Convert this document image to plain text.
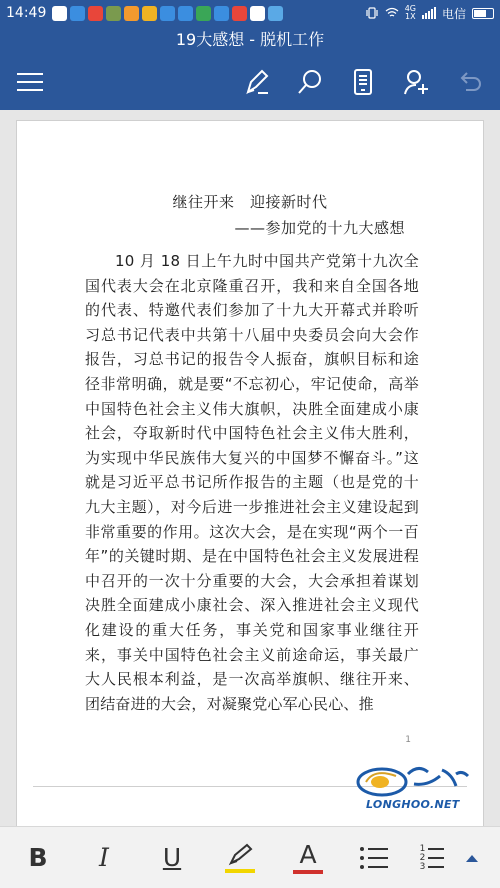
14:49	4G
1X 电信
19大感想 - 脱机工作
继往开来　迎接新时代
——参加党的十九大感想
10 月 18 日上午九时中国共产党第十九次全国代表大会在北京隆重召开，我和来自全国各地的代表、特邀代表们参加了十九大开幕式并聆听习总书记代表中共第十八届中央委员会向大会作报告，习总书记的报告令人振奋，旗帜目标和途径非常明确，就是要“不忘初心，牢记使命，高举中国特色社会主义伟大旗帜，决胜全面建成小康社会，夺取新时代中国特色社会主义伟大胜利，为实现中华民族伟大复兴的中国梦不懈奋斗。”这就是习近平总书记所作报告的主题（也是党的十九大主题），对今后进一步推进社会主义建设起到非常重要的作用。这次大会，是在实现“两个一百年”的关键时期、是在中国特色社会主义发展进程中召开的一次十分重要的大会，大会承担着谋划决胜全面建成小康社会、深入推进社会主义现代化建设的重大任务，事关党和国家事业继往开来，事关中国特色社会主义前途命运，事关最广大人民根本利益，是一次高举旗帜、继往开来、团结奋进的大会，对凝聚党心军心民心、推
1
LONGHOO.NET
B I U	A	1
2
3
